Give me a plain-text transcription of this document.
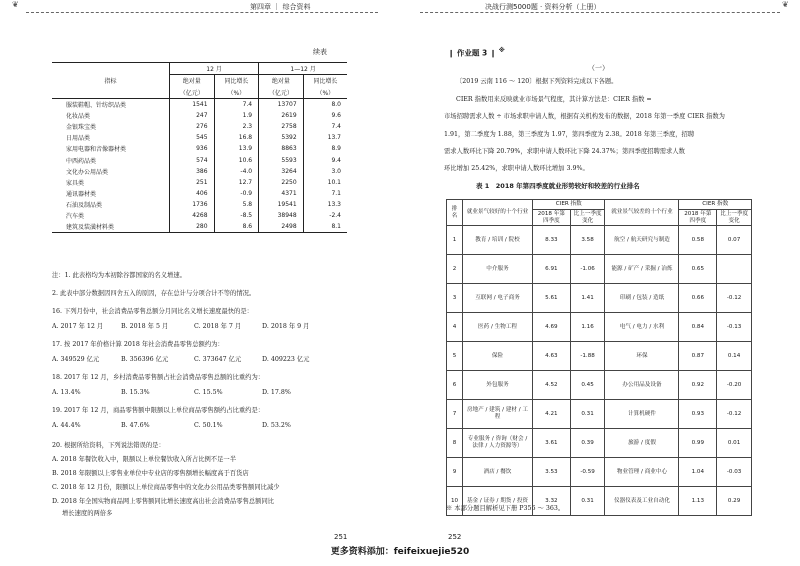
❦	第四章 ｜ 综合资料
续表
指标	12 月		1—12 月	
	绝对量	同比增长	绝对量	同比增长
	（亿元）	（%）	（亿元）	（%）
服装鞋帽、针纺织品类	1541	7.4	13707	8.0
化妆品类	247	1.9	2619	9.6
金银珠宝类	276	2.3	2758	7.4
日用品类	545	16.8	5392	13.7
家用电器和音像器材类	936	13.9	8863	8.9
中西药品类	574	10.6	5593	9.4
文化办公用品类	386	-4.0	3264	3.0
家具类	251	12.7	2250	10.1
通讯器材类	406	-0.9	4371	7.1
石油及制品类	1736	5.8	19541	13.3
汽车类	4268	-8.5	38948	-2.4
建筑及装潢材料类	280	8.6	2498	8.1
注：1. 此表格均为本初除谷都国家的名义增速。
2. 此表中部分数据因四舍五入的原因，存在总计与分项合计不等的情况。
16. 下列月份中，社会消费品零售总额分月同比名义增长速度最快的是：
A. 2017 年 12 月	B. 2018 年 5 月	C. 2018 年 7 月	D. 2018 年 9 月
17. 按 2017 年价格计算 2018 年社会消费品零售总额约为：
A. 349529 亿元	B. 356396 亿元	C. 373647 亿元	D. 409223 亿元
18. 2017 年 12 月，乡村消费品零售额占社会消费品零售总额的比重约为：
A. 13.4%	B. 15.3%	C. 15.5%	D. 17.8%
19. 2017 年 12 月，商品零售额中限额以上单位商品零售额约占比重约是：
A. 44.4%	B. 47.6%	C. 50.1%	D. 53.2%
20. 根据所给资料，下列说法错误的是：
A. 2018 年餐饮收入中，限额以上单位餐饮收入所占比例不足一半
B. 2018 年限额以上零售业单位中专业店的零售额增长幅度高于百货店
C. 2018 年 12 月份，限额以上单位商品零售中的文化办公用品类零售额同比减少
D. 2018 年全国实物商品网上零售额同比增长速度高出社会消费品零售总额同比
增长速度的两倍多
251
决战行测5000题 · 资料分析（上册）	❦
❙ 作业题 3 ❙ ※
（一）
〔2019 云南 116 ～ 120〕根据下列资料完成以下各题。
CIER 指数用来反映就业市场景气程度，其计算方法是：CIER 指数 =
市场招聘需求人数 ÷ 市场求职申请人数，根据有关机构发布的数据，2018 年第一季度 CIER 指数为
1.91，第二季度为 1.88，第三季度为 1.97，第四季度为 2.38。2018 年第三季度，招聘
需求人数环比下降 20.79%，求职申请人数环比下降 24.37%；第四季度招聘需求人数
环比增加 25.42%，求职申请人数环比增加 3.9%。
表 1　2018 年第四季度就业形势较好和较差的行业排名
※ 本部分题目解析见下册 P356 ～ 363。
252
排名	就业景气较好的十个行业	CIER 指数		就业景气较差的十个行业	CIER 指数	
		2018 年第四季度	比上一季度变化		2018 年第四季度	比上一季度变化
1	教育 / 培训 / 院校	8.33	3.58	航空 / 航天研究与制造	0.58	0.07
2	中介服务	6.91	-1.06	能源 / 矿产 / 采掘 / 冶炼	0.65	
3	互联网 / 电子商务	5.61	1.41	印刷 / 包装 / 造纸	0.66	-0.12
4	医药 / 生物工程	4.69	1.16	电气 / 电力 / 水利	0.84	-0.13
5	保险	4.63	-1.88	环保	0.87	0.14
6	外包服务	4.52	0.45	办公用品及设备	0.92	-0.20
7	房地产 / 建筑 / 建材 / 工程	4.21	0.31	计算机硬件	0.93	-0.12
8	专业服务 / 咨询（财会 / 法律 / 人力资源等）	3.61	0.39	旅游 / 度假	0.99	0.01
9	酒店 / 餐饮	3.53	-0.59	物业管理 / 商业中心	1.04	-0.03
10	基金 / 证券 / 期货 / 投资	3.32	0.31	仪器仪表及工业自动化	1.13	0.29
更多资料添加：feifeixuejie520
